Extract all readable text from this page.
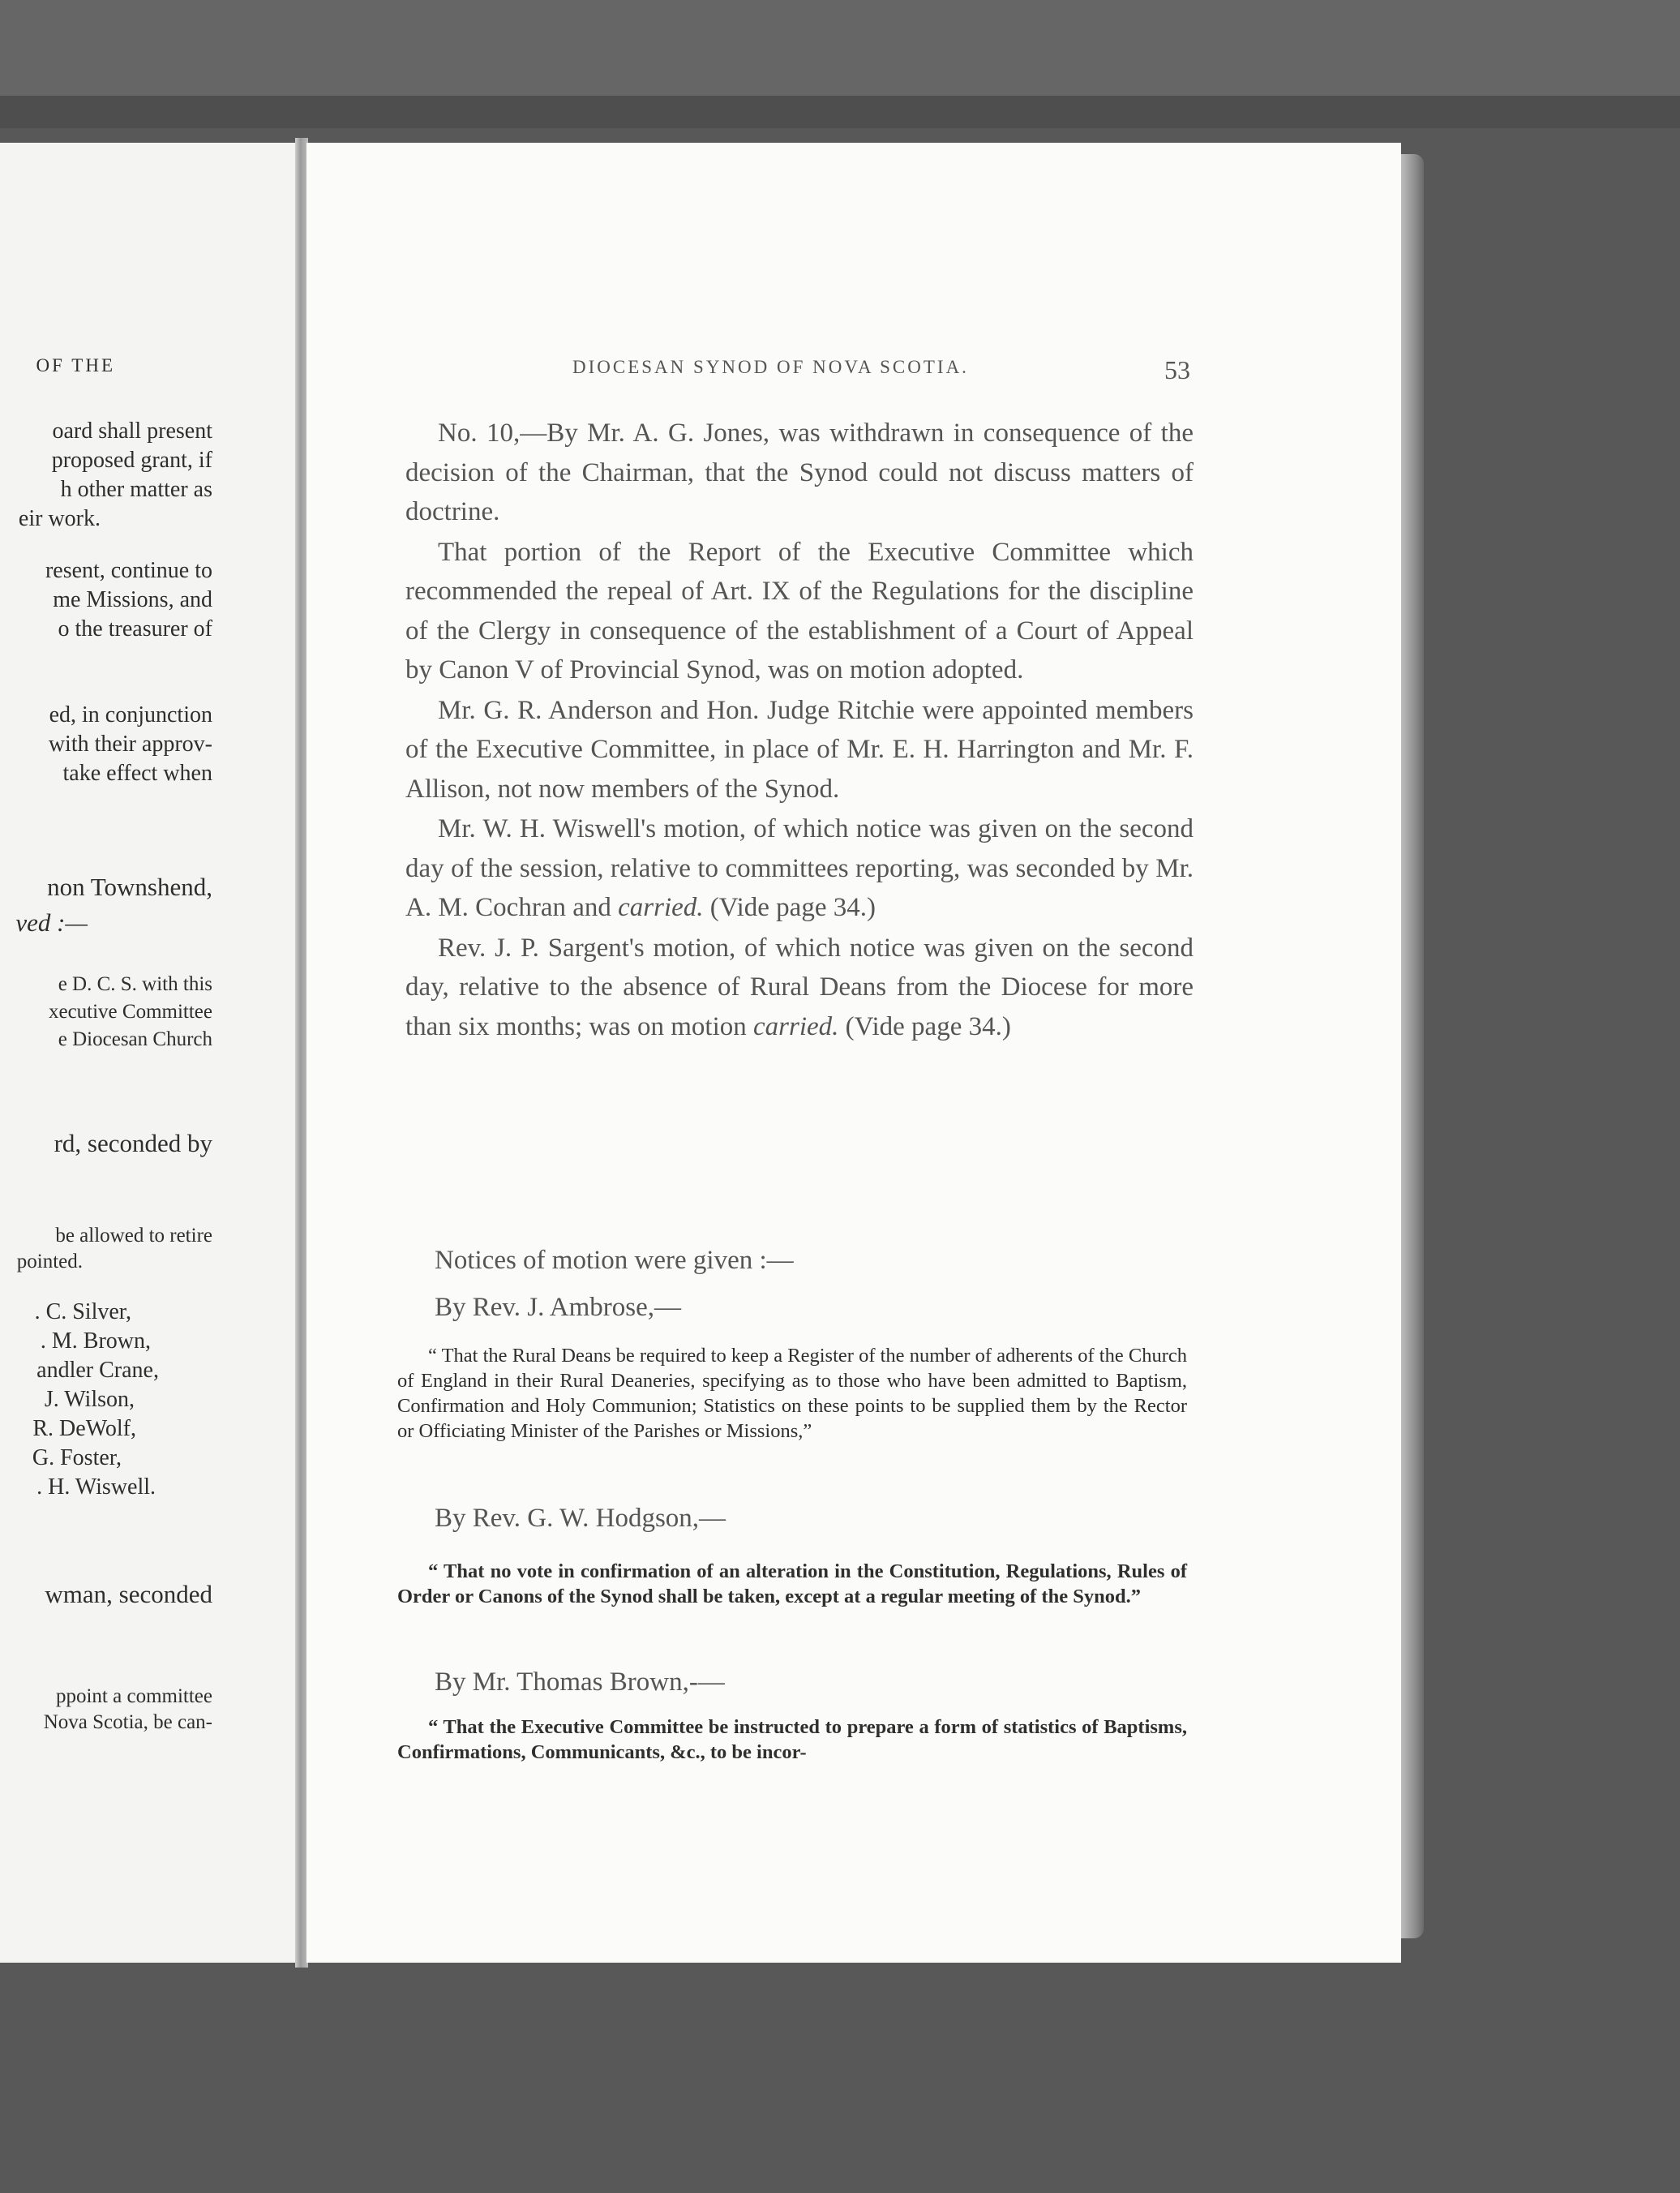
OF THE
oard shall present
proposed grant, if
h other matter as
eir work.
resent, continue to
me Missions, and
o the treasurer of
ed, in conjunction
with their approv-
take effect when
non Townshend,
ved :—
e D. C. S. with this
xecutive Committee
e Diocesan Church
rd, seconded by
be allowed to retire
pointed.
. C. Silver,
. M. Brown,
andler Crane,
J. Wilson,
R. DeWolf,
G. Foster,
. H. Wiswell.
wman, seconded
ppoint a committee
Nova Scotia, be can-
DIOCESAN SYNOD OF NOVA SCOTIA.	53

No. 10,—By Mr. A. G. Jones, was withdrawn in consequence of the decision of the Chairman, that the Synod could not discuss matters of doctrine.

That portion of the Report of the Executive Committee which recommended the repeal of Art. IX of the Regulations for the discipline of the Clergy in consequence of the establishment of a Court of Appeal by Canon V of Provincial Synod, was on motion adopted.

Mr. G. R. Anderson and Hon. Judge Ritchie were appointed members of the Executive Committee, in place of Mr. E. H. Harrington and Mr. F. Allison, not now members of the Synod.

Mr. W. H. Wiswell's motion, of which notice was given on the second day of the session, relative to committees reporting, was seconded by Mr. A. M. Cochran and carried. (Vide page 34.)

Rev. J. P. Sargent's motion, of which notice was given on the second day, relative to the absence of Rural Deans from the Diocese for more than six months; was on motion carried. (Vide page 34.)

Notices of motion were given :—
By Rev. J. Ambrose,—

“ That the Rural Deans be required to keep a Register of the number of adherents of the Church of England in their Rural Deaneries, specifying as to those who have been admitted to Baptism, Confirmation and Holy Communion; Statistics on these points to be supplied them by the Rector or Officiating Minister of the Parishes or Missions,”

By Rev. G. W. Hodgson,—

“ That no vote in confirmation of an alteration in the Constitution, Regulations, Rules of Order or Canons of the Synod shall be taken, except at a regular meeting of the Synod.”

By Mr. Thomas Brown,-—

“ That the Executive Committee be instructed to prepare a form of statistics of Baptisms, Confirmations, Communicants, &c., to be incor-
